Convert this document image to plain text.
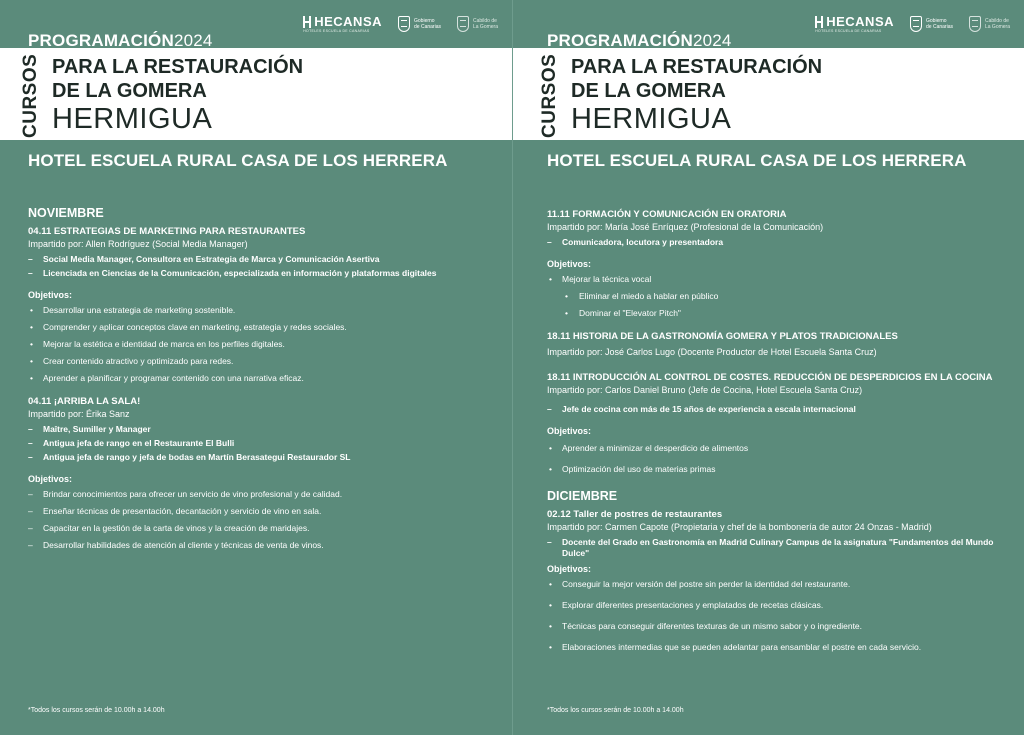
HECANSA
HOTELES ESCUELA DE CANARIAS
Gobierno
de Canarias
Cabildo de
La Gomera
PROGRAMACIÓN2024
CURSOS PARA LA RESTAURACIÓN
DE LA GOMERA
HERMIGUA
HOTEL ESCUELA RURAL CASA DE LOS HERRERA
NOVIEMBRE
04.11 ESTRATEGIAS DE MARKETING PARA RESTAURANTES
Impartido por: Allen Rodríguez (Social Media Manager)
– Social Media Manager, Consultora en Estrategia de Marca y Comunicación Asertiva
– Licenciada en Ciencias de la Comunicación, especializada en información y plataformas digitales
Objetivos:
• Desarrollar una estrategia de marketing sostenible.
• Comprender y aplicar conceptos clave en marketing, estrategia y redes sociales.
• Mejorar la estética e identidad de marca en los perfiles digitales.
• Crear contenido atractivo y optimizado para redes.
• Aprender a planificar y programar contenido con una narrativa eficaz.
04.11 ¡ARRIBA LA SALA!
Impartido por: Érika Sanz
– Maître, Sumiller y Manager
– Antigua jefa de rango en el Restaurante El Bulli
– Antigua jefa de rango y jefa de bodas en Martín Berasategui Restaurador SL
Objetivos:
– Brindar conocimientos para ofrecer un servicio de vino profesional y de calidad.
– Enseñar técnicas de presentación, decantación y servicio de vino en sala.
– Capacitar en la gestión de la carta de vinos y la creación de maridajes.
– Desarrollar habilidades de atención al cliente y técnicas de venta de vinos.
*Todos los cursos serán de 10.00h a 14.00h
HECANSA
HOTELES ESCUELA DE CANARIAS
Gobierno
de Canarias
Cabildo de
La Gomera
PROGRAMACIÓN2024
CURSOS PARA LA RESTAURACIÓN
DE LA GOMERA
HERMIGUA
HOTEL ESCUELA RURAL CASA DE LOS HERRERA
11.11 FORMACIÓN Y COMUNICACIÓN EN ORATORIA
Impartido por: María José Enríquez (Profesional de la Comunicación)
– Comunicadora, locutora y presentadora
Objetivos:
• Mejorar la técnica vocal
• Eliminar el miedo a hablar en público
• Dominar el "Elevator Pitch"
18.11 HISTORIA DE LA GASTRONOMÍA GOMERA Y PLATOS TRADICIONALES
Impartido por: José Carlos Lugo (Docente Productor de Hotel Escuela Santa Cruz)
18.11 INTRODUCCIÓN AL CONTROL DE COSTES. REDUCCIÓN DE DESPERDICIOS EN LA COCINA
Impartido por: Carlos Daniel Bruno (Jefe de Cocina, Hotel Escuela Santa Cruz)
– Jefe de cocina con más de 15 años de experiencia a escala internacional
Objetivos:
• Aprender a minimizar el desperdicio de alimentos
• Optimización del uso de materias primas
DICIEMBRE
02.12 Taller de postres de restaurantes
Impartido por: Carmen Capote (Propietaria y chef de la bombonería de autor 24 Onzas - Madrid)
– Docente del Grado en Gastronomía en Madrid Culinary Campus de la asignatura "Fundamentos del Mundo Dulce"
Objetivos:
• Conseguir la mejor versión del postre sin perder la identidad del restaurante.
• Explorar diferentes presentaciones y emplatados de recetas clásicas.
• Técnicas para conseguir diferentes texturas de un mismo sabor y o ingrediente.
• Elaboraciones intermedias que se pueden adelantar para ensamblar el postre en cada servicio.
*Todos los cursos serán de 10.00h a 14.00h
